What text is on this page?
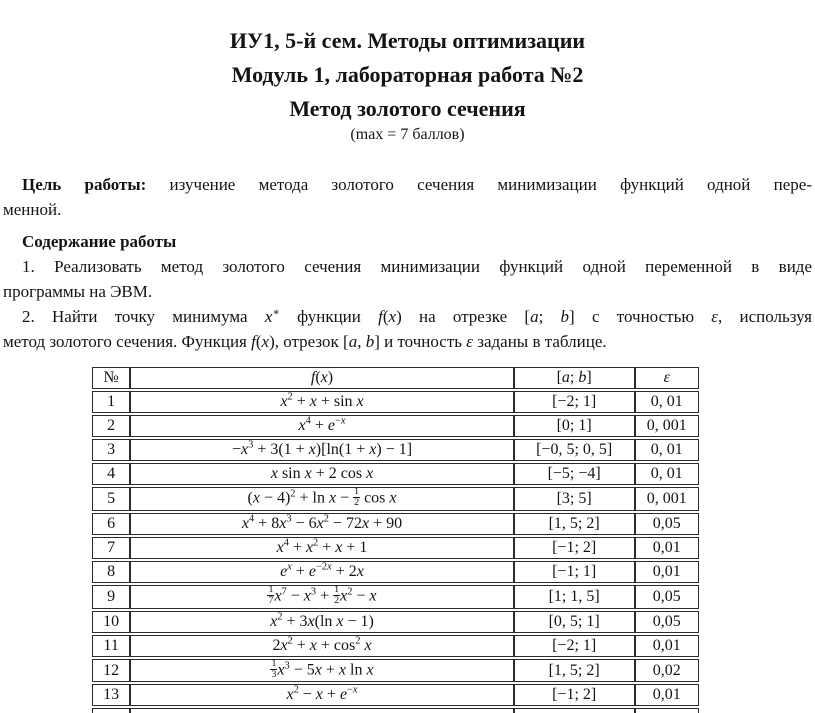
ИУ1, 5-й сем. Методы оптимизации
Модуль 1, лабораторная работа №2
Метод золотого сечения
(max = 7 баллов)
Цель работы: изучение метода золотого сечения минимизации функций одной пере-
менной.
Содержание работы
1. Реализовать метод золотого сечения минимизации функций одной переменной в виде
программы на ЭВМ.
2. Найти точку минимума x∗ функции f(x) на отрезке [a; b] с точностью ε, используя
метод золотого сечения. Функция f(x), отрезок [a, b] и точность ε заданы в таблице.
№	f(x)	[a; b]	ε
1	$x^2 + x + \sin x$	[−2; 1]	0, 01
2	$x^4 + e^{-x}$	[0; 1]	0, 001
3	$-x^3 + 3(1 + x)[\ln(1 + x) - 1]$	[−0, 5; 0, 5]	0, 01
4	x sin x + 2 cos x	[−5; −4]	0, 01
5	$(x - 4)^2 + \ln x - \frac{1}{2}$ cos x	[3; 5]	0, 001
6	$x^4 + 8x^3 - 6x^2 - 72x + 90$	[1, 5; 2]	0,05
7	$x^4 + x^2 + x + 1$	[−1; 2]	0,01
8	$e^x + e^{-2x} + 2x$	[−1; 1]	0,01
9	$\frac{1}{7} x^7 - x^3 + \frac{1}{2} x^2 - x$	[1; 1, 5]	0,05
10	$x^2 + 3x(\ln$ x − 1)	[0, 5; 1]	0,05
11	$2x^2 + x + \cos^2 x$	[−2; 1]	0,01
12	$\frac{1}{3} x^3 - 5x + x$ ln x	[1, 5; 2]	0,02
13	$x^2 - x + e^{-x}$	[−1; 2]	0,01
